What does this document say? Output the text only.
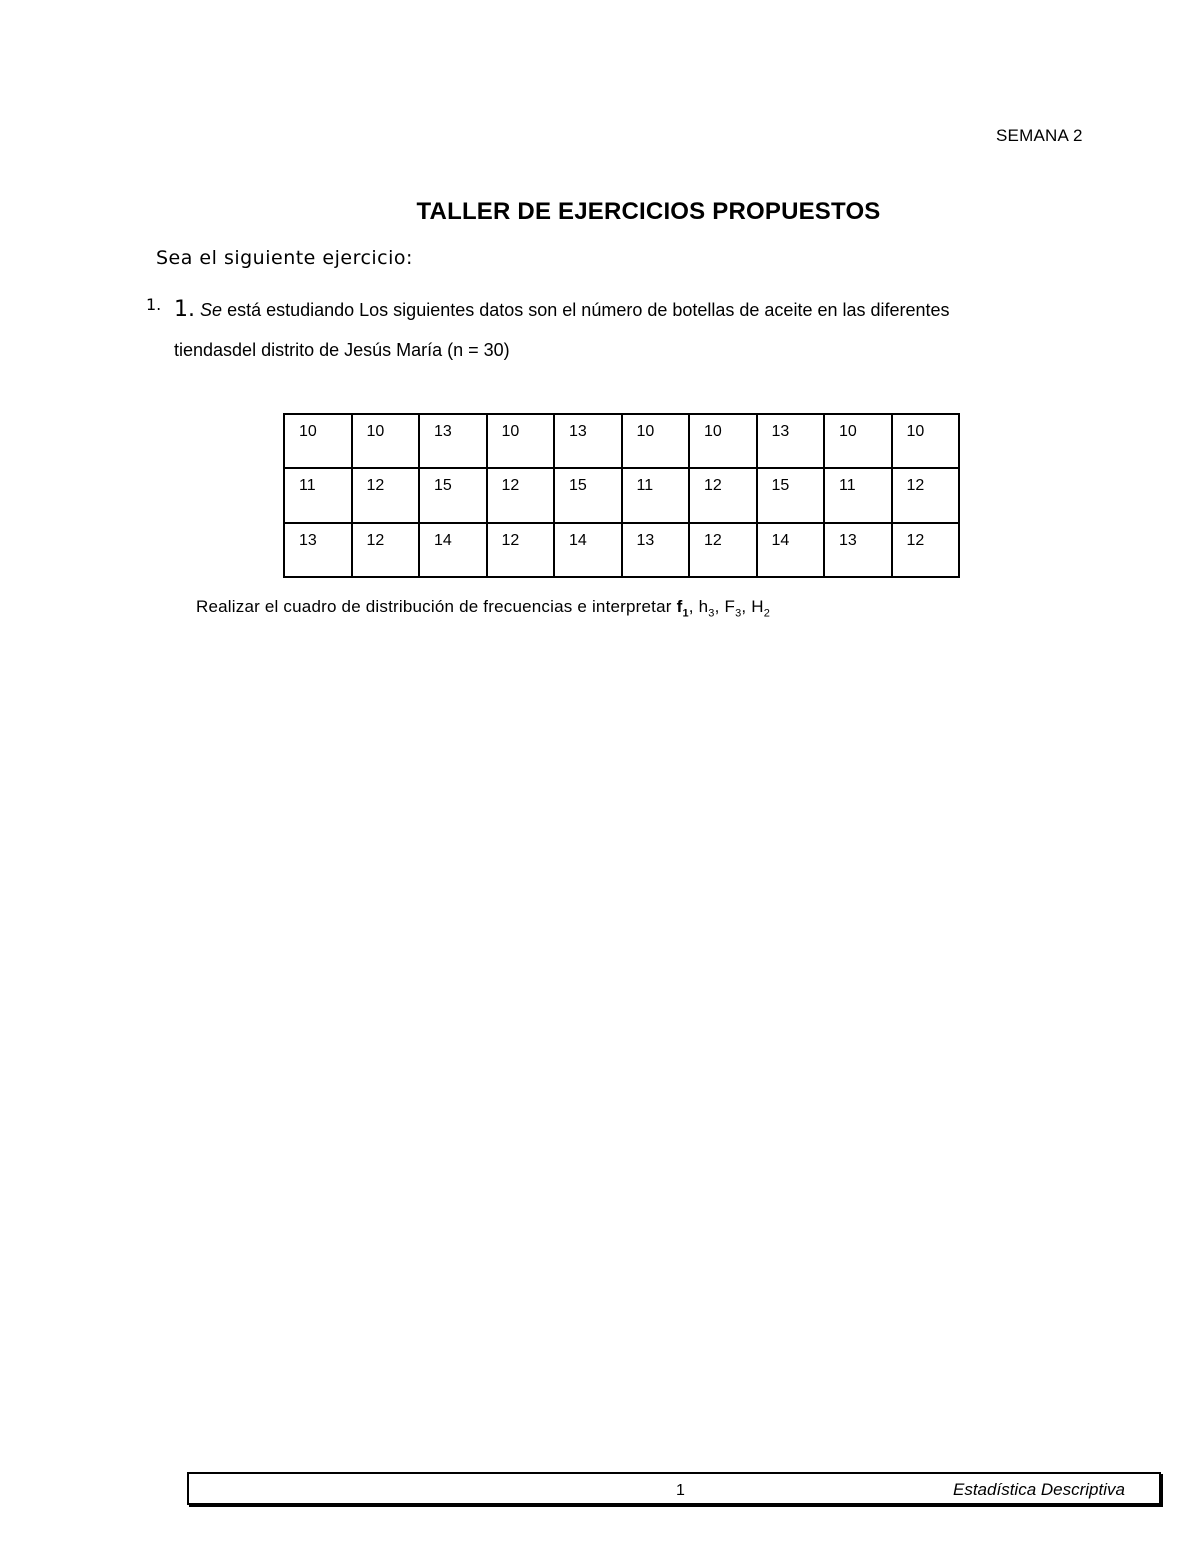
SEMANA 2
TALLER DE EJERCICIOS PROPUESTOS
Sea el siguiente ejercicio:
1. 1. Se está estudiando Los siguientes datos son el número de botellas de aceite en las diferentes
tiendasdel distrito de Jesús María (n = 30)
10	10	13	10	13	10	10	13	10	10
11	12	15	12	15	11	12	15	11	12
13	12	14	12	14	13	12	14	13	12
Realizar el cuadro de distribución de frecuencias e interpretar $f_1$, $h_3$, $F_3$, $H_2$
1	Estadística Descriptiva
